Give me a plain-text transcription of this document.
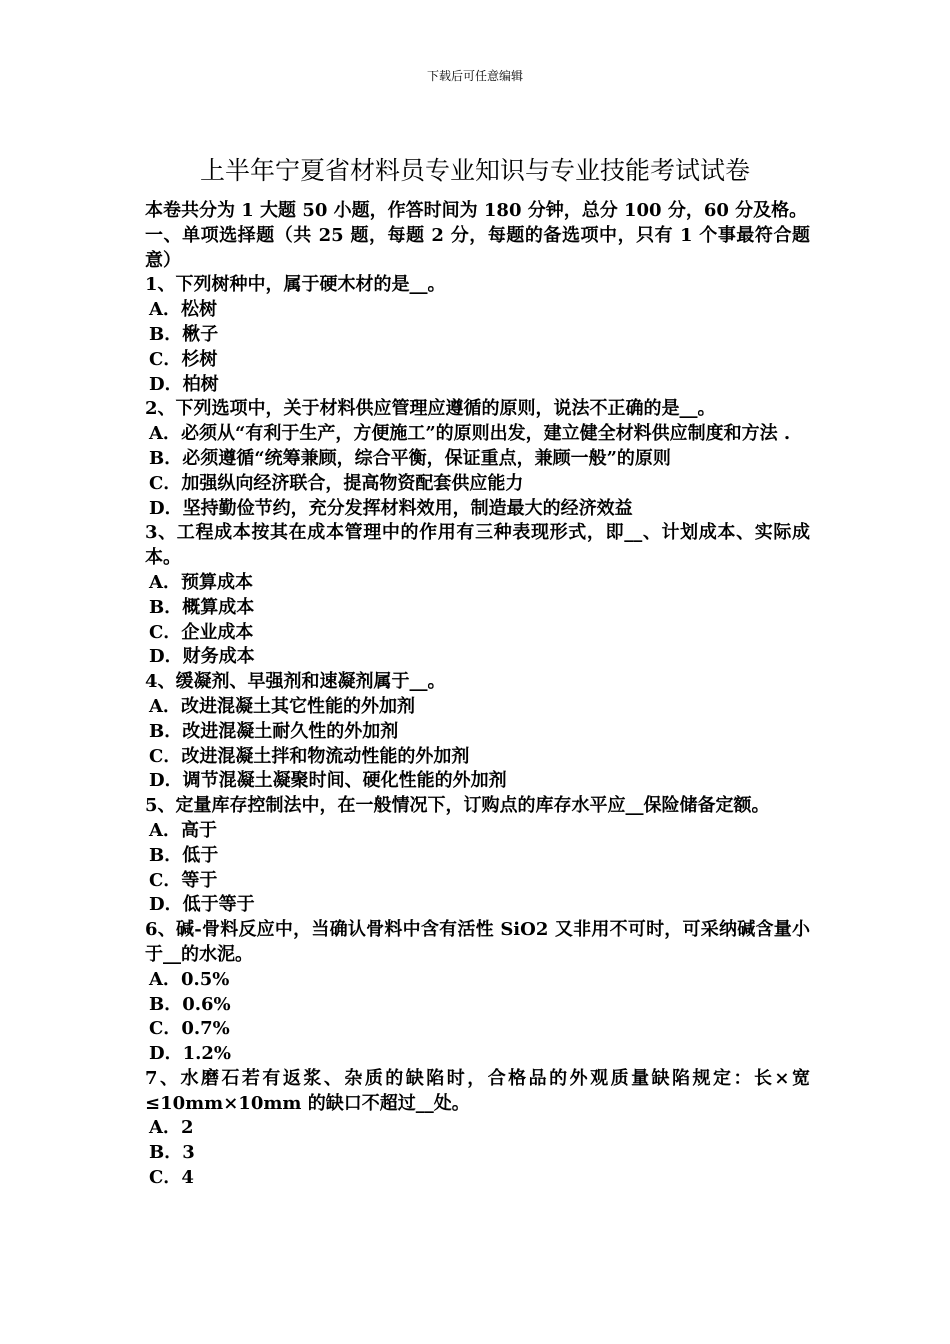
下载后可任意编辑
上半年宁夏省材料员专业知识与专业技能考试试卷

本卷共分为 1 大题 50 小题，作答时间为 180 分钟，总分 100 分，60 分及格。

一、单项选择题（共 25 题，每题 2 分，每题的备选项中，只有 1 个事最符合题意）

1、下列树种中，属于硬木材的是__。

A．松树

B．楸子

C．杉树

D．柏树

2、下列选项中，关于材料供应管理应遵循的原则，说法不正确的是__。

A．必须从“有利于生产，方便施工”的原则出发，建立健全材料供应制度和方法 .

B．必须遵循“统筹兼顾，综合平衡，保证重点，兼顾一般”的原则

C．加强纵向经济联合，提高物资配套供应能力

D．坚持勤俭节约，充分发挥材料效用，制造最大的经济效益

3、工程成本按其在成本管理中的作用有三种表现形式，即__、计划成本、实际成本。

A．预算成本

B．概算成本

C．企业成本

D．财务成本

4、缓凝剂、早强剂和速凝剂属于__。

A．改进混凝土其它性能的外加剂

B．改进混凝土耐久性的外加剂

C．改进混凝土拌和物流动性能的外加剂

D．调节混凝土凝聚时间、硬化性能的外加剂

5、定量库存控制法中，在一般情况下，订购点的库存水平应__保险储备定额。

A．高于

B．低于

C．等于

D．低于等于

6、碱-骨料反应中，当确认骨料中含有活性 SiO2 又非用不可时，可采纳碱含量小于__的水泥。

A．0.5%

B．0.6%

C．0.7%

D．1.2%

7、水磨石若有返浆、杂质的缺陷时，合格品的外观质量缺陷规定：长×宽≤10mm×10mm 的缺口不超过__处。

A．2

B．3

C．4
